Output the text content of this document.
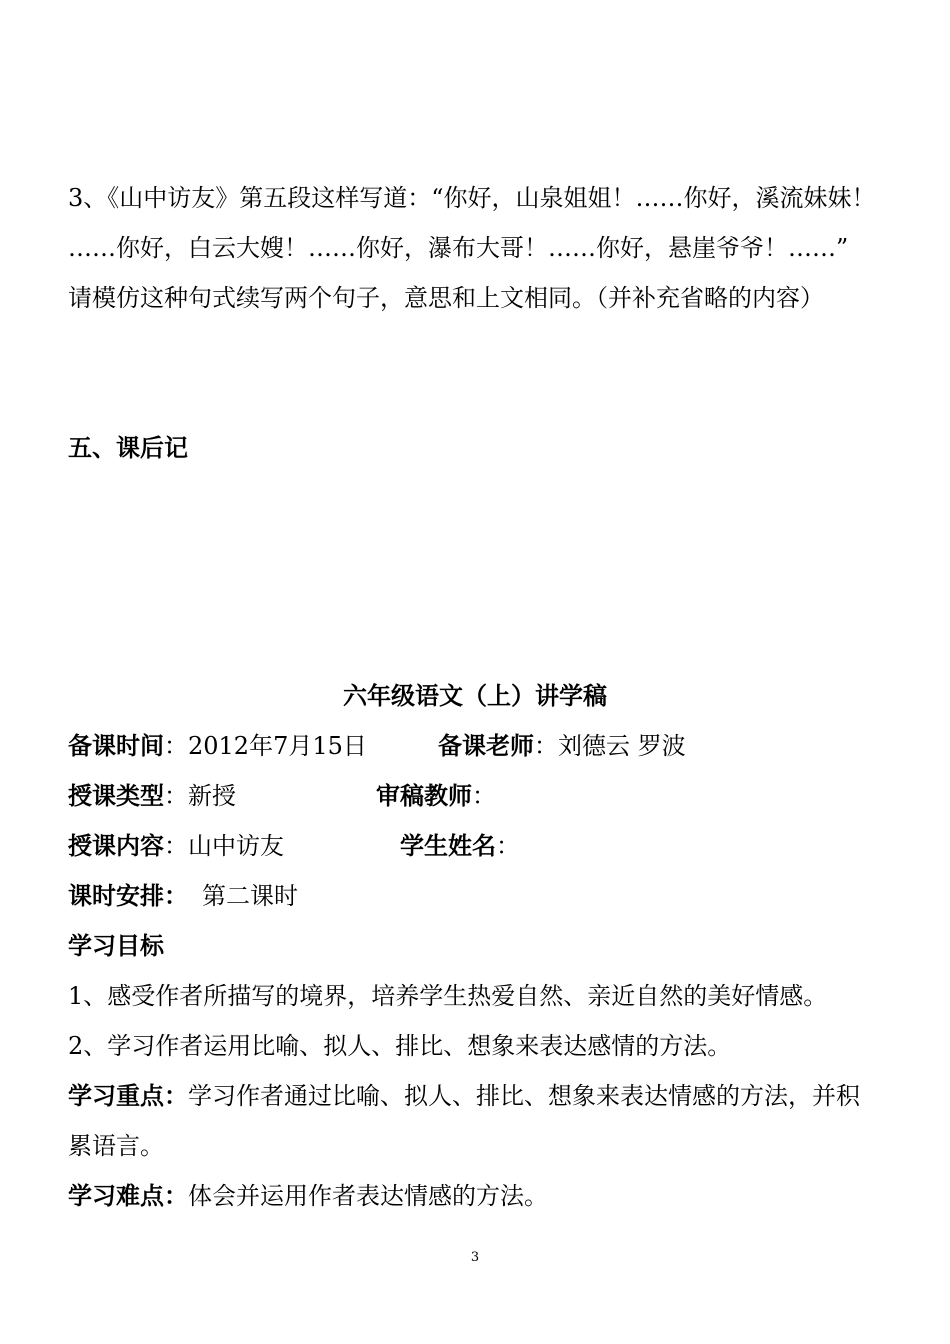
3、《山中访友》第五段这样写道：“你好，山泉姐姐！……你好，溪流妹妹！
……你好，白云大嫂！……你好，瀑布大哥！……你好，悬崖爷爷！……”
请模仿这种句式续写两个句子，意思和上文相同。（并补充省略的内容）
五、课后记
六年级语文（上）讲学稿
备课时间：2012年7月15日	备课老师：刘德云 罗波
授课类型：新授	审稿教师：
授课内容：山中访友	学生姓名：
课时安排： 第二课时
学习目标
1、感受作者所描写的境界，培养学生热爱自然、亲近自然的美好情感。
2、学习作者运用比喻、拟人、排比、想象来表达感情的方法。
学习重点：学习作者通过比喻、拟人、排比、想象来表达情感的方法，并积
累语言。
学习难点：体会并运用作者表达情感的方法。
3
